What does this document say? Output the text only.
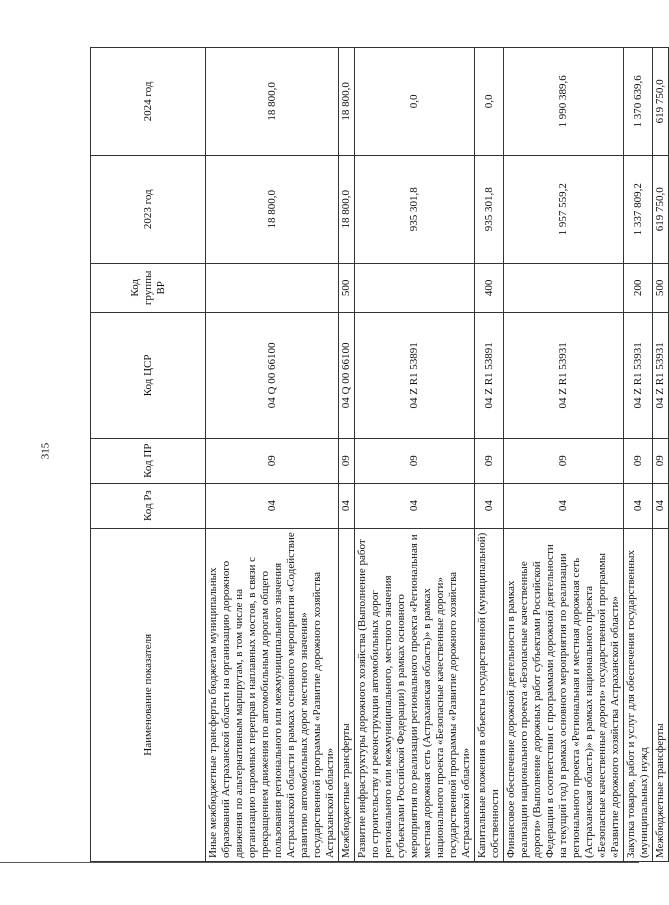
315
Наименование показателя	Код Рз	Код ПР	Код ЦСР	Код группы ВР	2023 год	2024 год
Иные межбюджетные трансферты бюджетам муниципальных образований Астраханской области на организацию дорожного движения по альтернативным маршрутам, в том числе на организацию паромных переправ и наплавных мостов, в связи с прекращением движения по автомобильным дорогам общего пользования регионального или межмуниципального значения Астраханской области в рамках основного мероприятия «Содействие развитию автомобильных дорог местного значения» государственной программы «Развитие дорожного хозяйства Астраханской области»	04	09	04 Q 00 66100		18 800,0	18 800,0
Межбюджетные трансферты	04	09	04 Q 00 66100	500	18 800,0	18 800,0
Развитие инфраструктуры дорожного хозяйства (Выполнение работ по строительству и реконструкции автомобильных дорог регионального или межмуниципального, местного значения субъектами Российской Федерации) в рамках основного мероприятия по реализации регионального проекта «Региональная и местная дорожная сеть (Астраханская область)» в рамках национального проекта «Безопасные качественные дороги» государственной программы «Развитие дорожного хозяйства Астраханской области»	04	09	04 Z R1 53891		935 301,8	0,0
Капитальные вложения в объекты государственной (муниципальной) собственности	04	09	04 Z R1 53891	400	935 301,8	0,0
Финансовое обеспечение дорожной деятельности в рамках реализации национального проекта «Безопасные качественные дороги» (Выполнение дорожных работ субъектами Российской Федерации в соответствии с программами дорожной деятельности на текущий год) в рамках основного мероприятия по реализации регионального проекта «Региональная и местная дорожная сеть (Астраханская область)» в рамках национального проекта «Безопасные качественные дороги» государственной программы «Развитие дорожного хозяйства Астраханской области»	04	09	04 Z R1 53931		1 957 559,2	1 990 389,6
Закупка товаров, работ и услуг для обеспечения государственных (муниципальных) нужд	04	09	04 Z R1 53931	200	1 337 809,2	1 370 639,6
Межбюджетные трансферты	04	09	04 Z R1 53931	500	619 750,0	619 750,0
